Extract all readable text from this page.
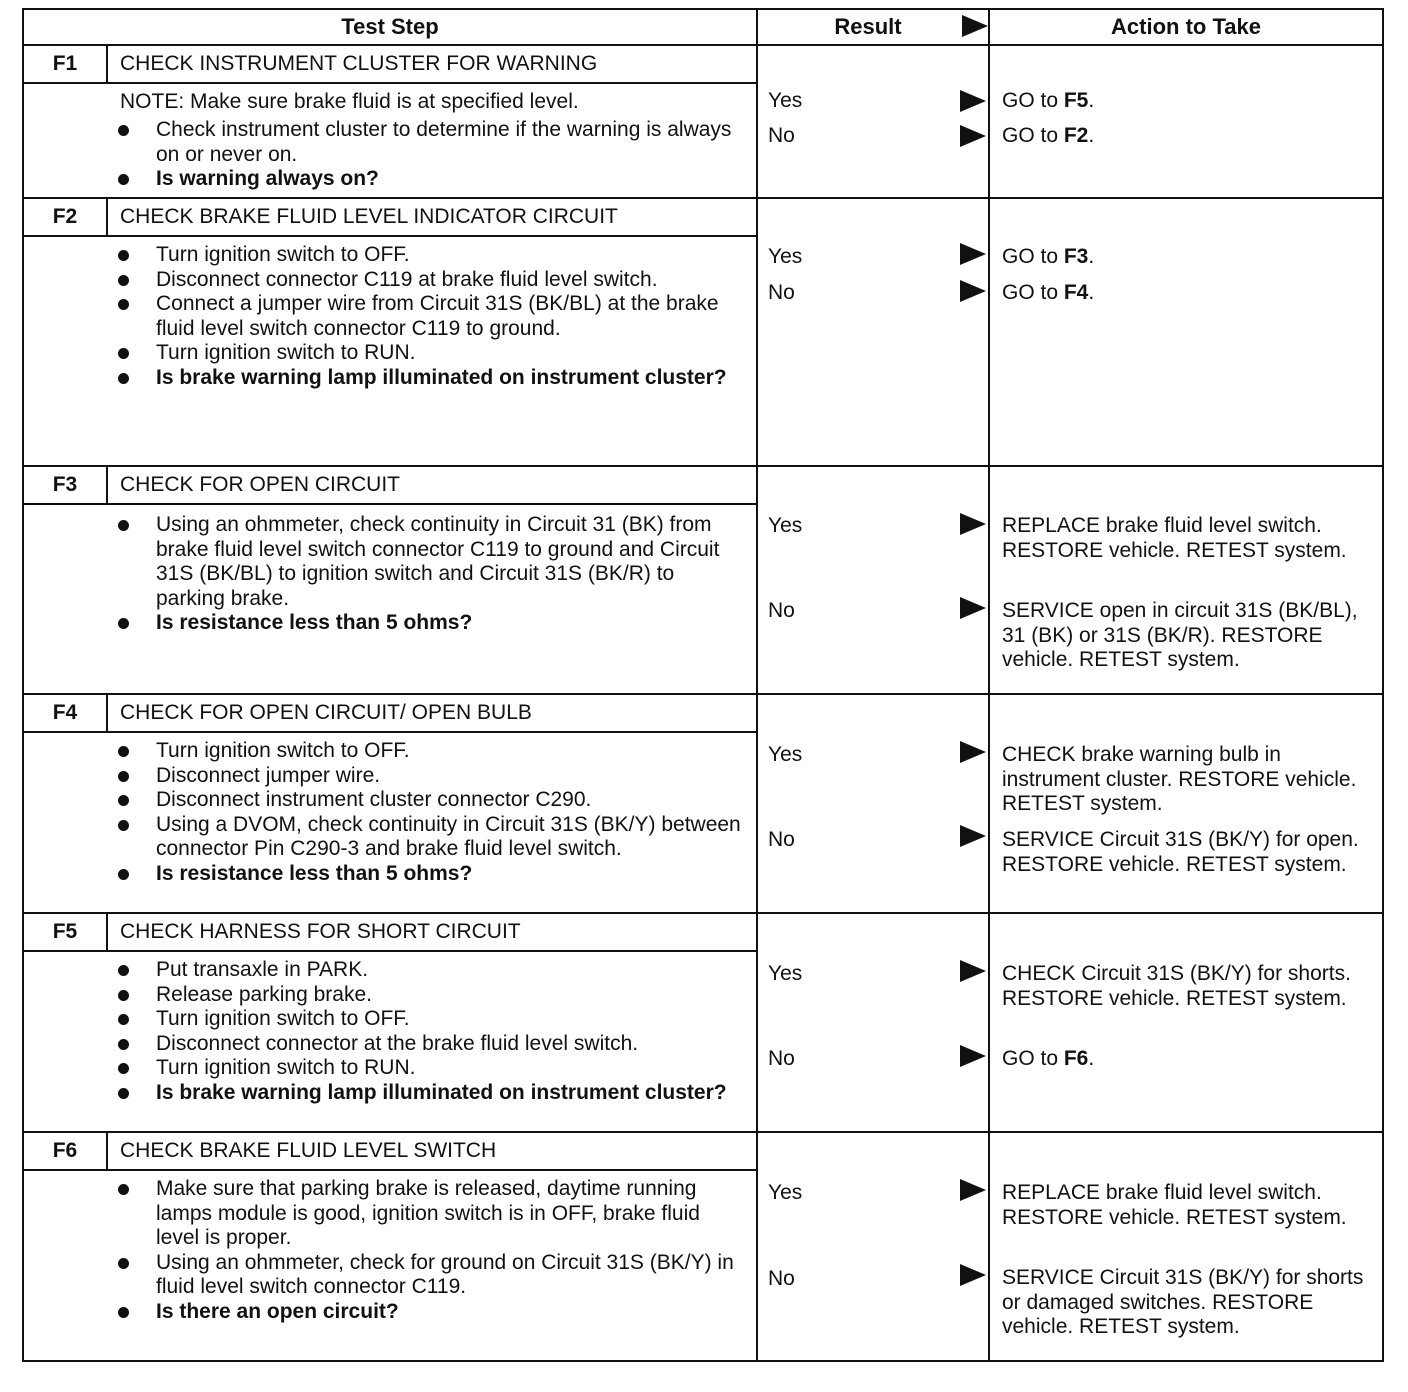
Test Step	Result	Action to Take
F1	CHECK INSTRUMENT CLUSTER FOR WARNING
NOTE: Make sure brake fluid is at specified level.
Check instrument cluster to determine if the warning is always on or never on.
Is warning always on?
Yes	GO to F5.
No	GO to F2.
F2	CHECK BRAKE FLUID LEVEL INDICATOR CIRCUIT
Turn ignition switch to OFF.
Disconnect connector C119 at brake fluid level switch.
Connect a jumper wire from Circuit 31S (BK/BL) at the brake fluid level switch connector C119 to ground.
Turn ignition switch to RUN.
Is brake warning lamp illuminated on instrument cluster?
Yes	GO to F3.
No	GO to F4.
F3	CHECK FOR OPEN CIRCUIT
Using an ohmmeter, check continuity in Circuit 31 (BK) from brake fluid level switch connector C119 to ground and Circuit 31S (BK/BL) to ignition switch and Circuit 31S (BK/R) to parking brake.
Is resistance less than 5 ohms?
Yes	REPLACE brake fluid level switch. RESTORE vehicle. RETEST system.
No	SERVICE open in circuit 31S (BK/BL), 31 (BK) or 31S (BK/R). RESTORE vehicle. RETEST system.
F4	CHECK FOR OPEN CIRCUIT/ OPEN BULB
Turn ignition switch to OFF.
Disconnect jumper wire.
Disconnect instrument cluster connector C290.
Using a DVOM, check continuity in Circuit 31S (BK/Y) between connector Pin C290-3 and brake fluid level switch.
Is resistance less than 5 ohms?
Yes	CHECK brake warning bulb in instrument cluster. RESTORE vehicle. RETEST system.
No	SERVICE Circuit 31S (BK/Y) for open. RESTORE vehicle. RETEST system.
F5	CHECK HARNESS FOR SHORT CIRCUIT
Put transaxle in PARK.
Release parking brake.
Turn ignition switch to OFF.
Disconnect connector at the brake fluid level switch.
Turn ignition switch to RUN.
Is brake warning lamp illuminated on instrument cluster?
Yes	CHECK Circuit 31S (BK/Y) for shorts. RESTORE vehicle. RETEST system.
No	GO to F6.
F6	CHECK BRAKE FLUID LEVEL SWITCH
Make sure that parking brake is released, daytime running lamps module is good, ignition switch is in OFF, brake fluid level is proper.
Using an ohmmeter, check for ground on Circuit 31S (BK/Y) in fluid level switch connector C119.
Is there an open circuit?
Yes	REPLACE brake fluid level switch. RESTORE vehicle. RETEST system.
No	SERVICE Circuit 31S (BK/Y) for shorts or damaged switches. RESTORE vehicle. RETEST system.
